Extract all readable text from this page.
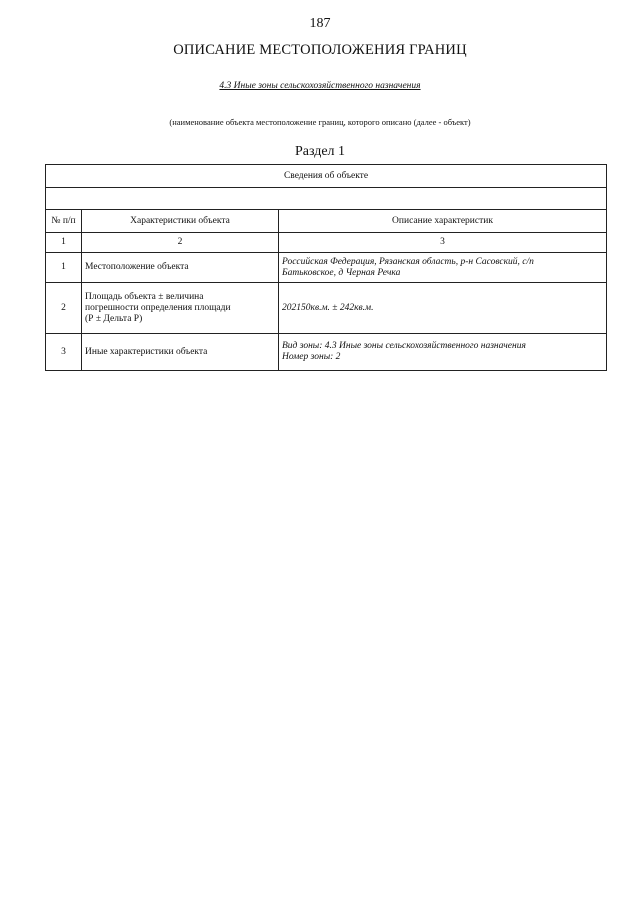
187
ОПИСАНИЕ МЕСТОПОЛОЖЕНИЯ ГРАНИЦ
4.3 Иные зоны сельскохозяйственного назначения
(наименование объекта местоположение границ, которого описано (далее - объект)
Раздел 1
Сведения об объекте		

№ п/п	Характеристики объекта	Описание характеристик
1	2	3
1	Местоположение объекта	Российская Федерация, Рязанская область, р-н Сасовский, с/п
Батьковское, д Черная Речка

2	Площадь объекта ± величина
погрешности определения площади
(Р ± Дельта Р)	202150кв.м. ± 242кв.м.
3	Иные характеристики объекта	Вид зоны: 4.3 Иные зоны сельскохозяйственного назначения
Номер зоны: 2
